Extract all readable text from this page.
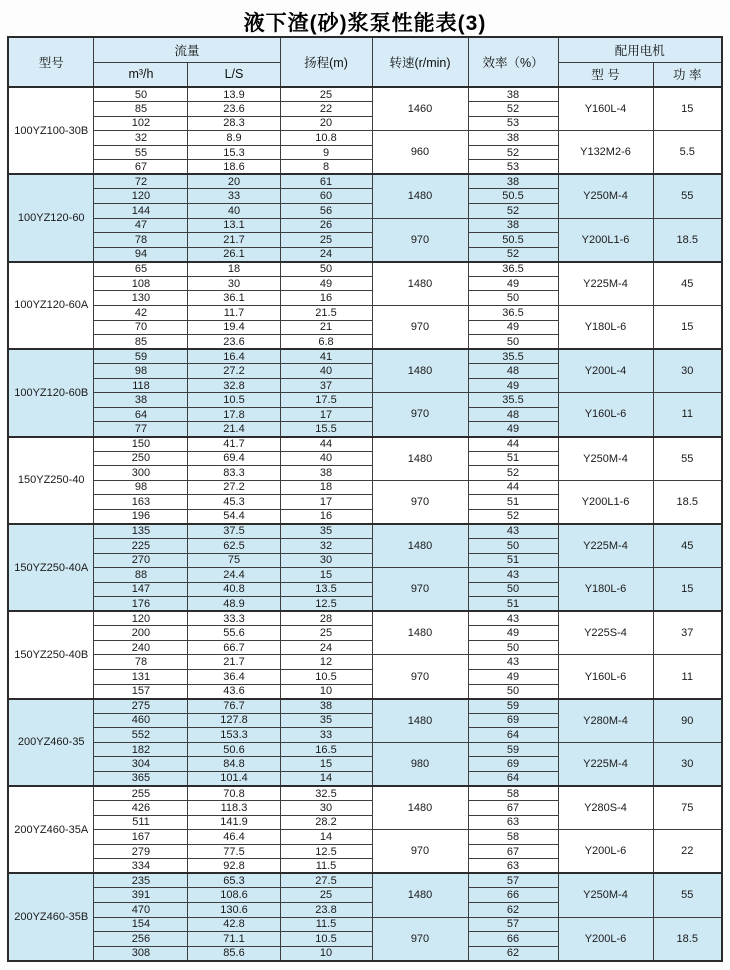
液下渣(砂)浆泵性能表(3)
型号	流量		扬程(m)	转速(r/min)	效率（%）	配用电机	
	m³/h	L/S				型 号	功 率
100YZ100-30B	50	13.9	25	1460	38	Y160L-4	15
	85	23.6	22		52		
	102	28.3	20		53		
	32	8.9	10.8	960	38	Y132M2-6	5.5
	55	15.3	9		52		
	67	18.6	8		53		
100YZ120-60	72	20	61	1480	38	Y250M-4	55
	120	33	60		50.5		
	144	40	56		52		
	47	13.1	26	970	38	Y200L1-6	18.5
	78	21.7	25		50.5		
	94	26.1	24		52		
100YZ120-60A	65	18	50	1480	36.5	Y225M-4	45
	108	30	49		49		
	130	36.1	16		50		
	42	11.7	21.5	970	36.5	Y180L-6	15
	70	19.4	21		49		
	85	23.6	6.8		50		
100YZ120-60B	59	16.4	41	1480	35.5	Y200L-4	30
	98	27.2	40		48		
	118	32.8	37		49		
	38	10.5	17.5	970	35.5	Y160L-6	11
	64	17.8	17		48		
	77	21.4	15.5		49		
150YZ250-40	150	41.7	44	1480	44	Y250M-4	55
	250	69.4	40		51		
	300	83.3	38		52		
	98	27.2	18	970	44	Y200L1-6	18.5
	163	45.3	17		51		
	196	54.4	16		52		
150YZ250-40A	135	37.5	35	1480	43	Y225M-4	45
	225	62.5	32		50		
	270	75	30		51		
	88	24.4	15	970	43	Y180L-6	15
	147	40.8	13.5		50		
	176	48.9	12.5		51		
150YZ250-40B	120	33.3	28	1480	43	Y225S-4	37
	200	55.6	25		49		
	240	66.7	24		50		
	78	21.7	12	970	43	Y160L-6	11
	131	36.4	10.5		49		
	157	43.6	10		50		
200YZ460-35	275	76.7	38	1480	59	Y280M-4	90
	460	127.8	35		69		
	552	153.3	33		64		
	182	50.6	16.5	980	59	Y225M-4	30
	304	84.8	15		69		
	365	101.4	14		64		
200YZ460-35A	255	70.8	32.5	1480	58	Y280S-4	75
	426	118.3	30		67		
	511	141.9	28.2		63		
	167	46.4	14	970	58	Y200L-6	22
	279	77.5	12.5		67		
	334	92.8	11.5		63		
200YZ460-35B	235	65.3	27.5	1480	57	Y250M-4	55
	391	108.6	25		66		
	470	130.6	23.8		62		
	154	42.8	11.5	970	57	Y200L-6	18.5
	256	71.1	10.5		66		
	308	85.6	10		62		
